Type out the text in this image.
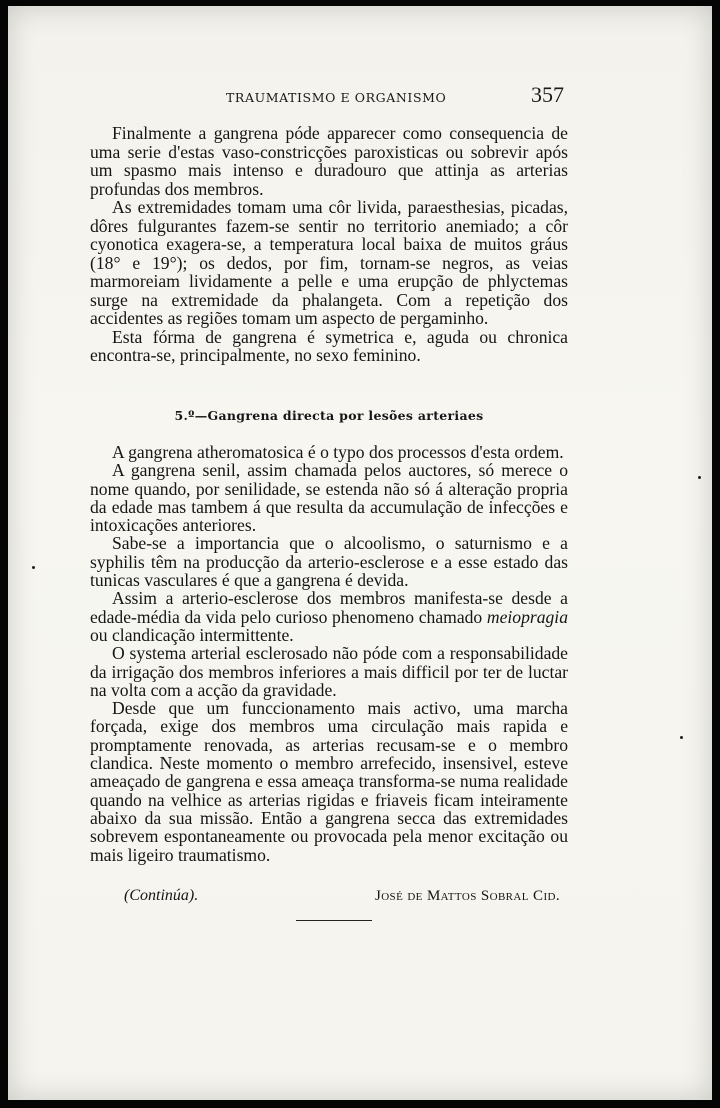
TRAUMATISMO E ORGANISMO	357

Finalmente a gangrena póde apparecer como consequencia de uma serie d'estas vaso-constricções paroxisticas ou sobrevir após um spasmo mais intenso e duradouro que attinja as arterias profundas dos membros.

As extremidades tomam uma côr livida, paraesthesias, picadas, dôres fulgurantes fazem-se sentir no territorio anemiado; a côr cyonotica exagera-se, a temperatura local baixa de muitos gráus (18° e 19°); os dedos, por fim, tornam-se negros, as veias marmoreiam lividamente a pelle e uma erupção de phlyctemas surge na extremidade da phalangeta. Com a repetição dos accidentes as regiões tomam um aspecto de pergaminho.

Esta fórma de gangrena é symetrica e, aguda ou chronica encontra-se, principalmente, no sexo feminino.

5.º—Gangrena directa por lesões arteriaes

A gangrena atheromatosica é o typo dos processos d'esta ordem.

A gangrena senil, assim chamada pelos auctores, só merece o nome quando, por senilidade, se estenda não só á alteração propria da edade mas tambem á que resulta da accumulação de infecções e intoxicações anteriores.

Sabe-se a importancia que o alcoolismo, o saturnismo e a syphilis têm na producção da arterio-esclerose e a esse estado das tunicas vasculares é que a gangrena é devida.

Assim a arterio-esclerose dos membros manifesta-se desde a edade-média da vida pelo curioso phenomeno chamado meiopragia ou clandicação intermittente.

O systema arterial esclerosado não póde com a responsabilidade da irrigação dos membros inferiores a mais difficil por ter de luctar na volta com a acção da gravidade.

Desde que um funccionamento mais activo, uma marcha forçada, exige dos membros uma circulação mais rapida e promptamente renovada, as arterias recusam-se e o membro clandica. Neste momento o membro arrefecido, insensivel, esteve ameaçado de gangrena e essa ameaça transforma-se numa realidade quando na velhice as arterias rigidas e friaveis ficam inteiramente abaixo da sua missão. Então a gangrena secca das extremidades sobrevem espontaneamente ou provocada pela menor excitação ou mais ligeiro traumatismo.

(Continúa).	José de Mattos Sobral Cid.
